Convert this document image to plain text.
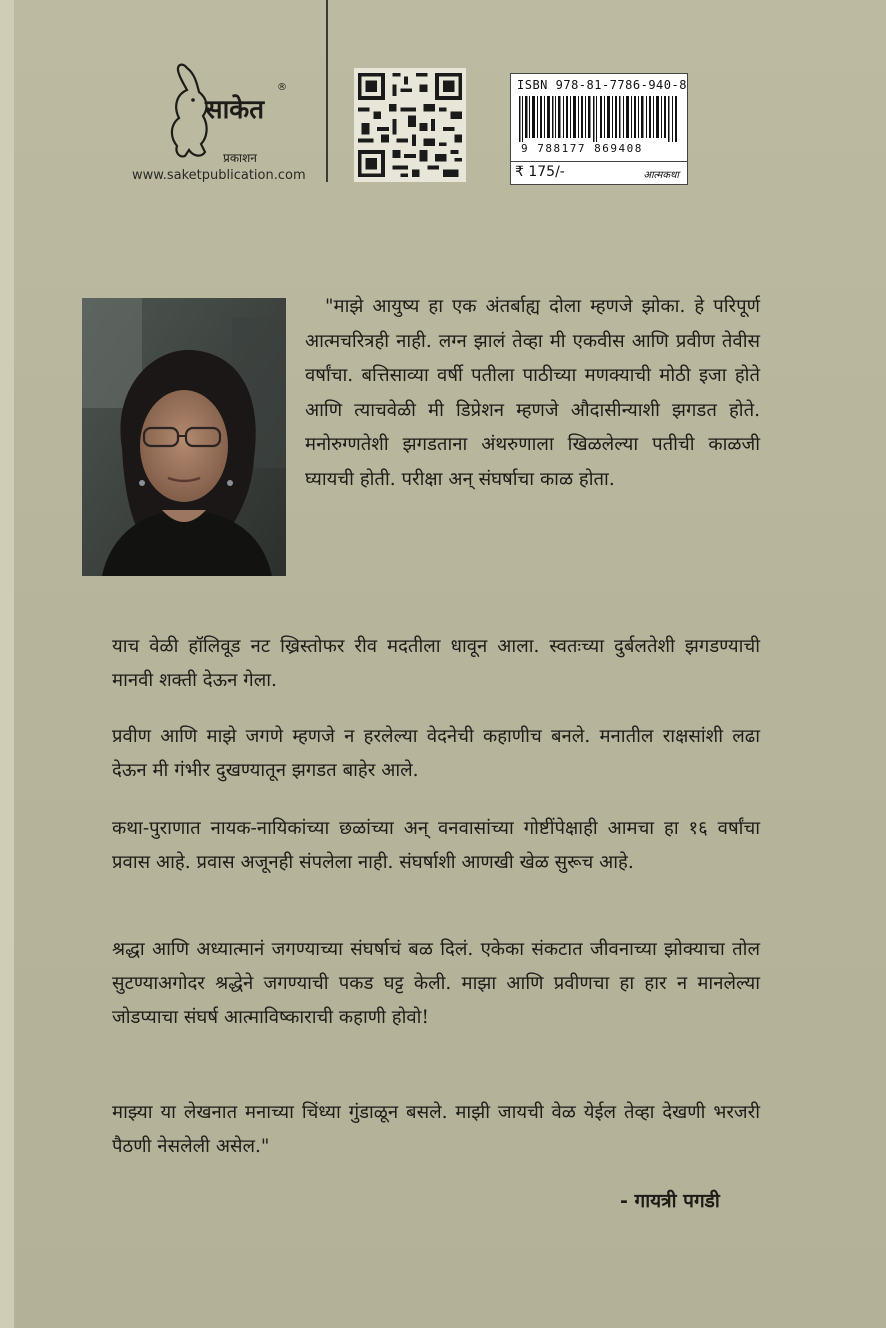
साकेत
®
प्रकाशन
www.saketpublication.com
ISBN 978-81-7786-940-8
9 788177 869408
₹ 175/-	आत्मकथा

"माझे आयुष्य हा एक अंतर्बाह्य दोला म्हणजे झोका. हे परिपूर्ण आत्मचरित्रही नाही. लग्न झालं तेव्हा मी एकवीस आणि प्रवीण तेवीस वर्षांचा. बत्तिसाव्या वर्षी पतीला पाठीच्या मणक्याची मोठी इजा होते आणि त्याचवेळी मी डिप्रेशन म्हणजे औदासीन्याशी झगडत होते. मनोरुग्णतेशी झगडताना अंथरुणाला खिळलेल्या पतीची काळजी घ्यायची होती. परीक्षा अन् संघर्षाचा काळ होता.

याच वेळी हॉलिवूड नट ख्रिस्तोफर रीव मदतीला धावून आला. स्वतःच्या दुर्बलतेशी झगडण्याची मानवी शक्ती देऊन गेला.

प्रवीण आणि माझे जगणे म्हणजे न हरलेल्या वेदनेची कहाणीच बनले. मनातील राक्षसांशी लढा देऊन मी गंभीर दुखण्यातून झगडत बाहेर आले.

कथा-पुराणात नायक-नायिकांच्या छळांच्या अन् वनवासांच्या गोष्टींपेक्षाही आमचा हा १६ वर्षांचा प्रवास आहे. प्रवास अजूनही संपलेला नाही. संघर्षाशी आणखी खेळ सुरूच आहे.

श्रद्धा आणि अध्यात्मानं जगण्याच्या संघर्षाचं बळ दिलं. एकेका संकटात जीवनाच्या झोक्याचा तोल सुटण्याअगोदर श्रद्धेने जगण्याची पकड घट्ट केली. माझा आणि प्रवीणचा हा हार न मानलेल्या जोडप्याचा संघर्ष आत्माविष्काराची कहाणी होवो!

माझ्या या लेखनात मनाच्या चिंध्या गुंडाळून बसले. माझी जायची वेळ येईल तेव्हा देखणी भरजरी पैठणी नेसलेली असेल."

- गायत्री पगडी
